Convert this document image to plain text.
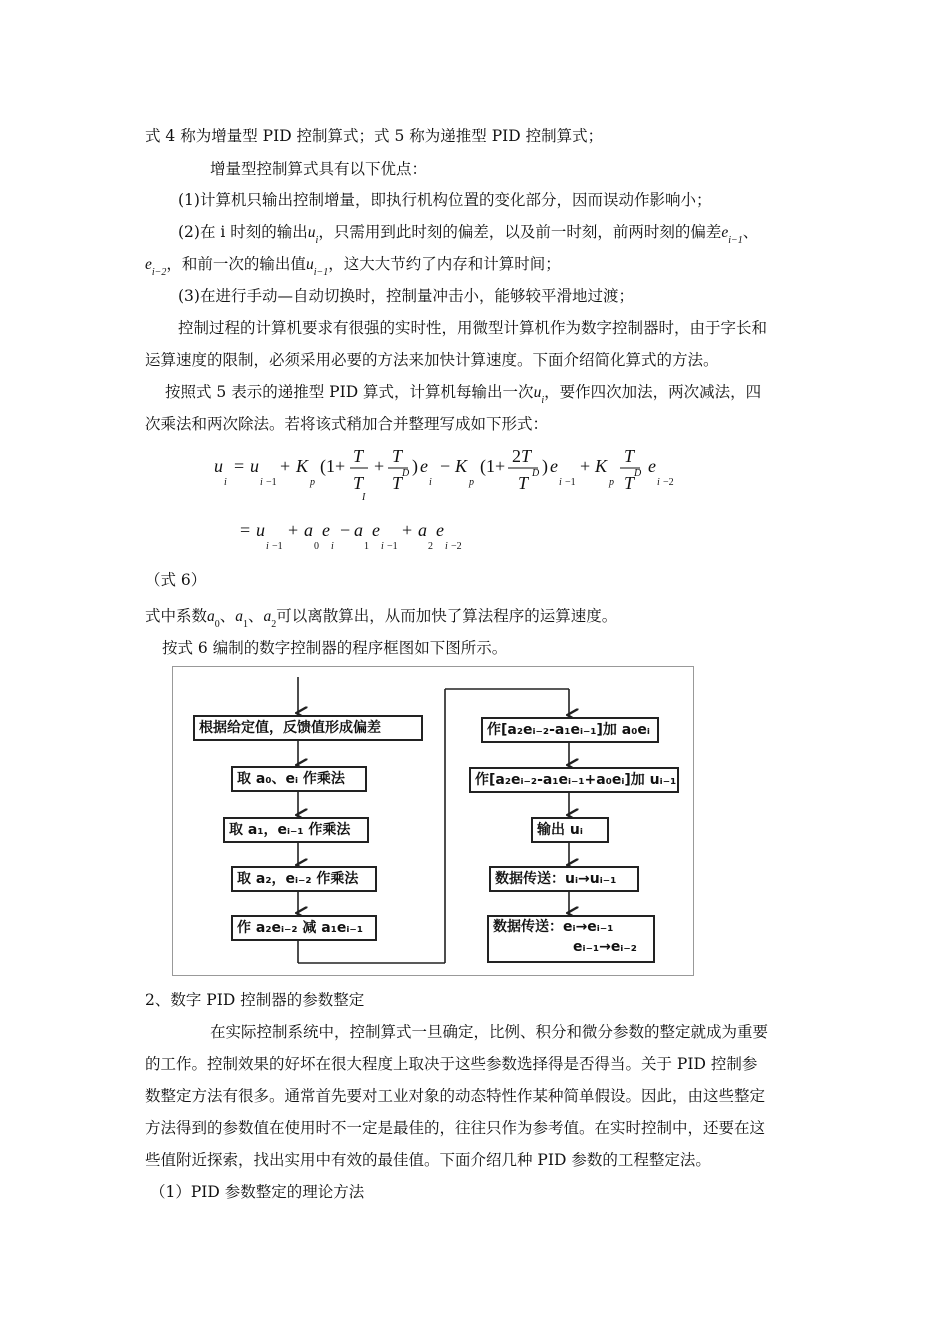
式 4 称为增量型 PID 控制算式；式 5 称为递推型 PID 控制算式；
增量型控制算式具有以下优点：
(1)计算机只输出控制增量，即执行机构位置的变化部分，因而误动作影响小；
(2)在 i 时刻的输出$u_i$，只需用到此时刻的偏差，以及前一时刻，前两时刻的偏差$e_{i-1}$、
$e_{i-2}$，和前一次的输出值$u_{i-1}$，这大大节约了内存和计算时间；
(3)在进行手动—自动切换时，控制量冲击小，能够较平滑地过渡；
控制过程的计算机要求有很强的实时性，用微型计算机作为数字控制器时，由于字长和
运算速度的限制，必须采用必要的方法来加快计算速度。下面介绍简化算式的方法。
按照式 5 表示的递推型 PID 算式，计算机每输出一次$u_i$，要作四次加法，两次减法，四
次乘法和两次除法。若将该式稍加合并整理写成如下形式：
u
i
= u
i −1
+ K
p
(1+ T
T
I
+ T
D
T
) e
i
− K
p
(1+ 2 T
D
T
) e
i −1
+ K
p
T
D
T
e
i −2
= u
i −1
+ a
0
e
i
− a
1
e
i −1
+ a
2
e
i −2
（式 6）
式中系数$a_0$、$a_1$、$a_2$可以离散算出，从而加快了算法程序的运算速度。
按式 6 编制的数字控制器的程序框图如下图所示。
根据给定值，反馈值形成偏差
取 a₀、eᵢ 作乘法
取 a₁，eᵢ₋₁ 作乘法
取 a₂，eᵢ₋₂ 作乘法
作 a₂eᵢ₋₂ 减 a₁eᵢ₋₁
作[a₂eᵢ₋₂-a₁eᵢ₋₁]加 a₀eᵢ
作[a₂eᵢ₋₂-a₁eᵢ₋₁+a₀eᵢ]加 uᵢ₋₁
输出 uᵢ
数据传送：uᵢ→uᵢ₋₁
数据传送：eᵢ→eᵢ₋₁
eᵢ₋₁→eᵢ₋₂
2、数字 PID 控制器的参数整定
在实际控制系统中，控制算式一旦确定，比例、积分和微分参数的整定就成为重要
的工作。控制效果的好坏在很大程度上取决于这些参数选择得是否得当。关于 PID 控制参
数整定方法有很多。通常首先要对工业对象的动态特性作某种简单假设。因此，由这些整定
方法得到的参数值在使用时不一定是最佳的，往往只作为参考值。在实时控制中，还要在这
些值附近探索，找出实用中有效的最佳值。下面介绍几种 PID 参数的工程整定法。
（1）PID 参数整定的理论方法
